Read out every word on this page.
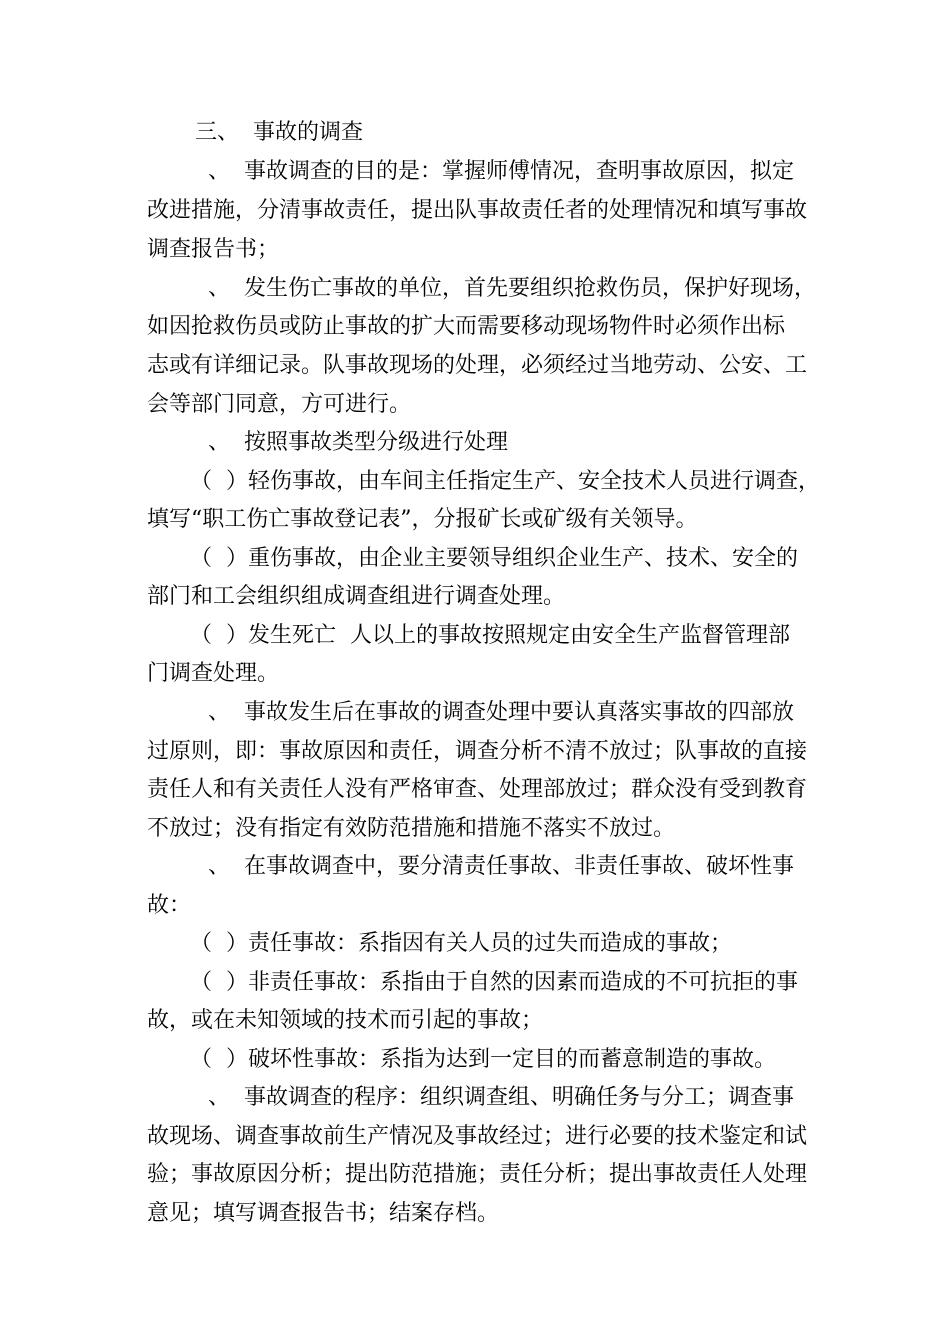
三、  事故的调查

、  事故调查的目的是：掌握师傅情况，查明事故原因，拟定

改进措施，分清事故责任，提出队事故责任者的处理情况和填写事故

调查报告书；

、  发生伤亡事故的单位，首先要组织抢救伤员，保护好现场，

如因抢救伤员或防止事故的扩大而需要移动现场物件时必须作出标

志或有详细记录。队事故现场的处理，必须经过当地劳动、公安、工

会等部门同意，方可进行。

、  按照事故类型分级进行处理

（  ）轻伤事故，由车间主任指定生产、安全技术人员进行调查，

填写“职工伤亡事故登记表”，分报矿长或矿级有关领导。

（  ）重伤事故，由企业主要领导组织企业生产、技术、安全的

部门和工会组织组成调查组进行调查处理。

（  ）发生死亡  人以上的事故按照规定由安全生产监督管理部

门调查处理。

、  事故发生后在事故的调查处理中要认真落实事故的四部放

过原则，即：事故原因和责任，调查分析不清不放过；队事故的直接

责任人和有关责任人没有严格审查、处理部放过；群众没有受到教育

不放过；没有指定有效防范措施和措施不落实不放过。

、  在事故调查中，要分清责任事故、非责任事故、破坏性事

故：

（  ）责任事故：系指因有关人员的过失而造成的事故；

（  ）非责任事故：系指由于自然的因素而造成的不可抗拒的事

故，或在未知领域的技术而引起的事故；

（  ）破坏性事故：系指为达到一定目的而蓄意制造的事故。

、  事故调查的程序：组织调查组、明确任务与分工；调查事

故现场、调查事故前生产情况及事故经过；进行必要的技术鉴定和试

验；事故原因分析；提出防范措施；责任分析；提出事故责任人处理

意见；填写调查报告书；结案存档。
